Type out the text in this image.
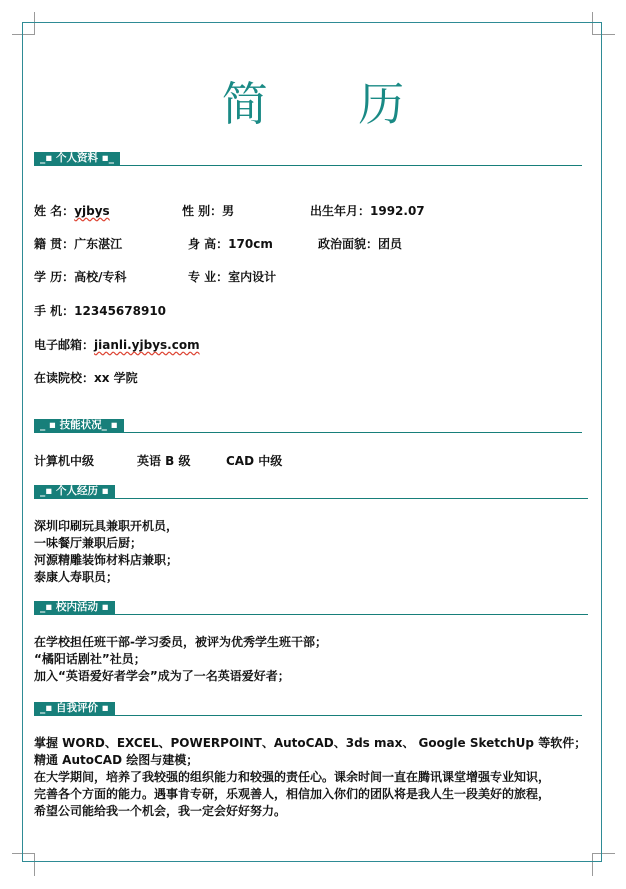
简 历
_▪ 个人资料 ▪_
姓 名：yjbys	性 别：男	出生年月：1992.07
籍 贯：广东湛江	身 高：170cm	政治面貌：团员
学 历：高校/专科	专 业：室内设计
手 机：12345678910
电子邮箱：jianli.yjbys.com
在读院校：xx 学院
_ ▪ 技能状况_ ▪
计算机中级	英语 B 级	CAD 中级
_▪ 个人经历 ▪
深圳印刷玩具兼职开机员，
一味餐厅兼职后厨；
河源精雕装饰材料店兼职；
泰康人寿职员；
_▪ 校内活动 ▪
在学校担任班干部-学习委员，被评为优秀学生班干部；
“橘阳话剧社”社员；
加入“英语爱好者学会”成为了一名英语爱好者；
_▪ 自我评价 ▪
掌握 WORD、EXCEL、POWERPOINT、AutoCAD、3ds max、 Google SketchUp 等软件；
精通 AutoCAD 绘图与建模；
在大学期间，培养了我较强的组织能力和较强的责任心。课余时间一直在腾讯课堂增强专业知识，
完善各个方面的能力。遇事肯专研，乐观善人，相信加入你们的团队将是我人生一段美好的旅程，
希望公司能给我一个机会，我一定会好好努力。
